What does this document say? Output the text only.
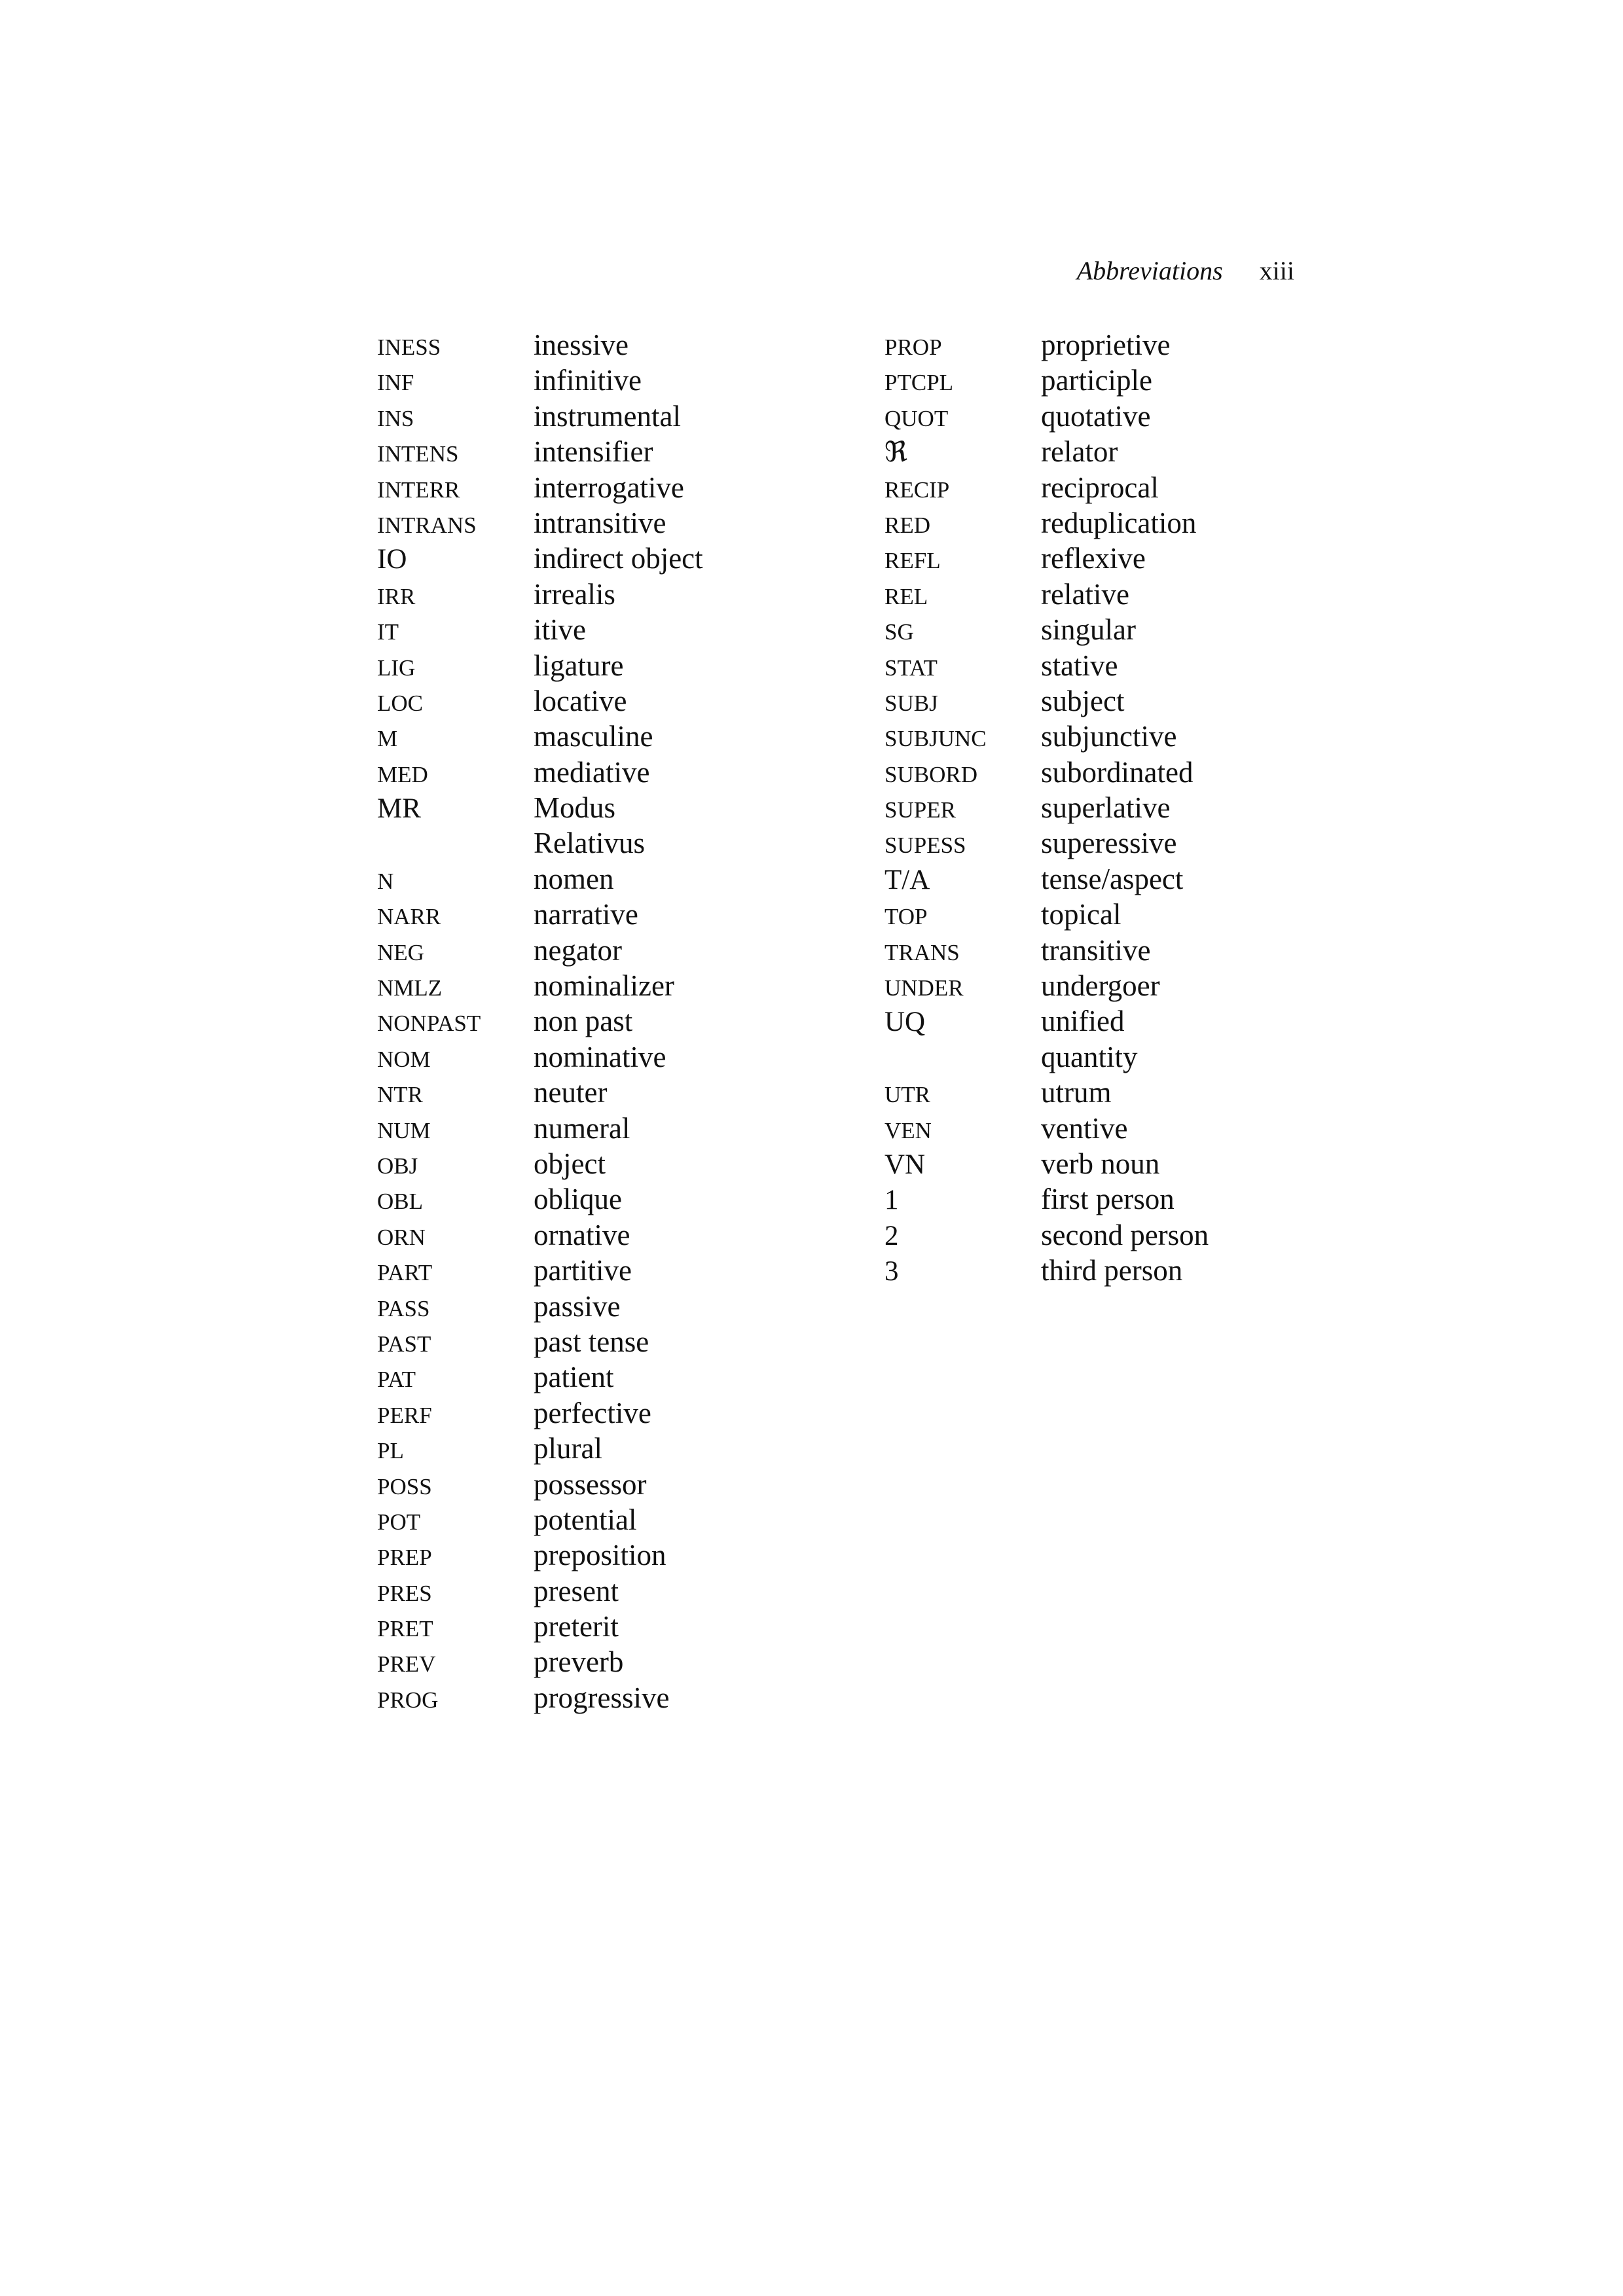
Abbreviations xiii
INESS	inessive
INF	infinitive
INS	instrumental
INTENS	intensifier
INTERR	interrogative
INTRANS	intransitive
IO	indirect object
IRR	irrealis
IT	itive
LIG	ligature
LOC	locative
M	masculine
MED	mediative
MR	Modus
Relativus
N	nomen
NARR	narrative
NEG	negator
NMLZ	nominalizer
NONPAST	non past
NOM	nominative
NTR	neuter
NUM	numeral
OBJ	object
OBL	oblique
ORN	ornative
PART	partitive
PASS	passive
PAST	past tense
PAT	patient
PERF	perfective
PL	plural
POSS	possessor
POT	potential
PREP	preposition
PRES	present
PRET	preterit
PREV	preverb
PROG	progressive
PROP	proprietive
PTCPL	participle
QUOT	quotative
ℜ	relator
RECIP	reciprocal
RED	reduplication
REFL	reflexive
REL	relative
SG	singular
STAT	stative
SUBJ	subject
SUBJUNC	subjunctive
SUBORD	subordinated
SUPER	superlative
SUPESS	superessive
T/A	tense/aspect
TOP	topical
TRANS	transitive
UNDER	undergoer
UQ	unified
quantity
UTR	utrum
VEN	ventive
VN	verb noun
1	first person
2	second person
3	third person
